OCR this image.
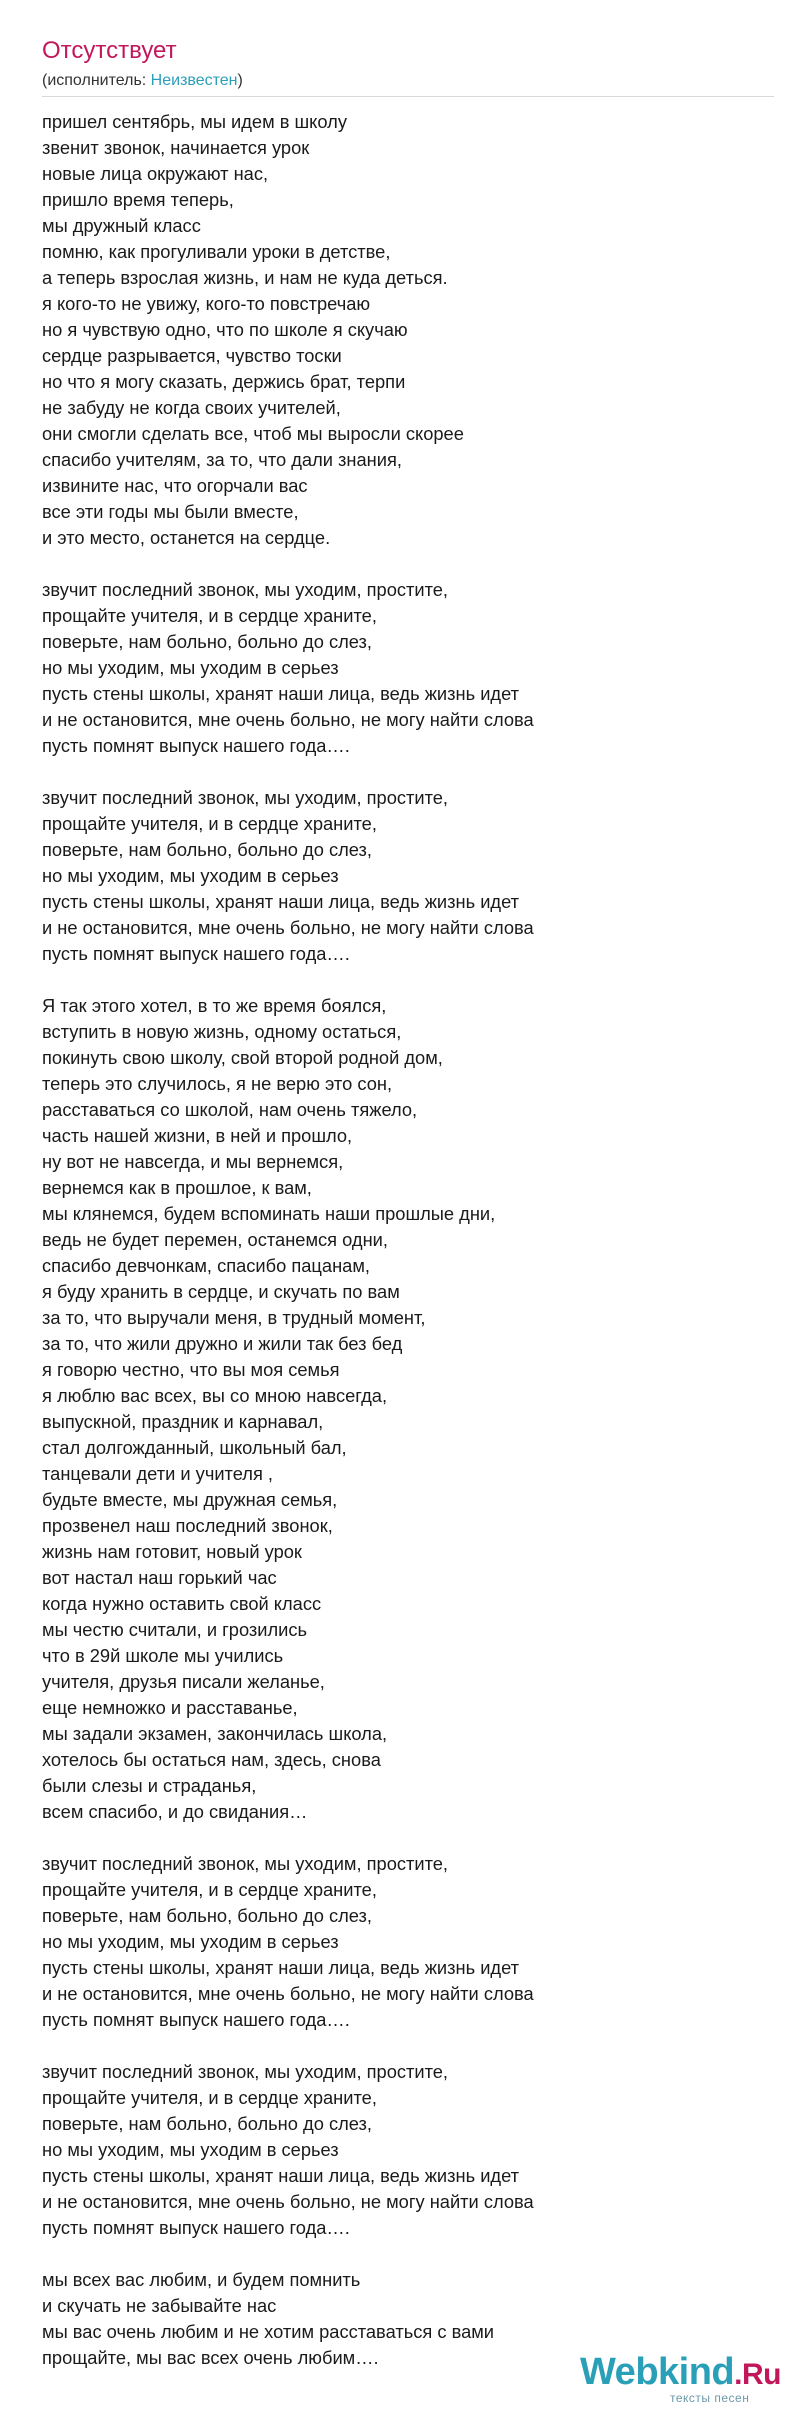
Отсутствует
(исполнитель: Неизвестен)
пришел сентябрь, мы идем в школу
звенит звонок, начинается урок
новые лица окружают нас,
пришло время теперь,
мы дружный класс
помню, как прогуливали уроки в детстве,
а теперь взрослая жизнь, и нам не куда деться.
я кого-то не увижу, кого-то повстречаю
но я чувствую одно, что по школе я скучаю
сердце разрывается, чувство тоски
но что я могу сказать, держись брат, терпи
не забуду не когда своих учителей,
они смогли сделать все, чтоб мы выросли скорее
спасибо учителям, за то, что дали знания,
извините нас, что огорчали вас
все эти годы мы были вместе,
и это место, останется на сердце.
звучит последний звонок, мы уходим, простите,
прощайте учителя, и в сердце храните,
поверьте, нам больно, больно до слез,
но мы уходим, мы уходим в серьез
пусть стены школы, хранят наши лица, ведь жизнь идет
и не остановится, мне очень больно, не могу найти слова
пусть помнят выпуск нашего года….
звучит последний звонок, мы уходим, простите,
прощайте учителя, и в сердце храните,
поверьте, нам больно, больно до слез,
но мы уходим, мы уходим в серьез
пусть стены школы, хранят наши лица, ведь жизнь идет
и не остановится, мне очень больно, не могу найти слова
пусть помнят выпуск нашего года….
Я так этого хотел, в то же время боялся,
вступить в новую жизнь, одному остаться,
покинуть свою школу, свой второй родной дом,
теперь это случилось, я не верю это сон,
расставаться со школой, нам очень тяжело,
часть нашей жизни, в ней и прошло,
ну вот не навсегда, и мы вернемся,
вернемся как в прошлое, к вам,
мы клянемся, будем вспоминать наши прошлые дни,
ведь не будет перемен, останемся одни,
спасибо девчонкам, спасибо пацанам,
я буду хранить в сердце, и скучать по вам
за то, что выручали меня, в трудный момент,
за то, что жили дружно и жили так без бед
я говорю честно, что вы моя семья
я люблю вас всех, вы со мною навсегда,
выпускной, праздник и карнавал,
стал долгожданный, школьный бал,
танцевали дети и учителя ,
будьте вместе, мы дружная семья,
прозвенел наш последний звонок,
жизнь нам готовит, новый урок
вот настал наш горький час
когда нужно оставить свой класс
мы честю считали, и грозились
что в 29й школе мы учились
учителя, друзья писали желанье,
еще немножко и расставанье,
мы задали экзамен, закончилась школа,
хотелось бы остаться нам, здесь, снова
были слезы и страданья,
всем спасибо, и до свидания…
звучит последний звонок, мы уходим, простите,
прощайте учителя, и в сердце храните,
поверьте, нам больно, больно до слез,
но мы уходим, мы уходим в серьез
пусть стены школы, хранят наши лица, ведь жизнь идет
и не остановится, мне очень больно, не могу найти слова
пусть помнят выпуск нашего года….
звучит последний звонок, мы уходим, простите,
прощайте учителя, и в сердце храните,
поверьте, нам больно, больно до слез,
но мы уходим, мы уходим в серьез
пусть стены школы, хранят наши лица, ведь жизнь идет
и не остановится, мне очень больно, не могу найти слова
пусть помнят выпуск нашего года….
мы всех вас любим, и будем помнить
и скучать не забывайте нас
мы вас очень любим и не хотим расставаться с вами
прощайте, мы вас всех очень любим….	Webkind.Ru
тексты песен
